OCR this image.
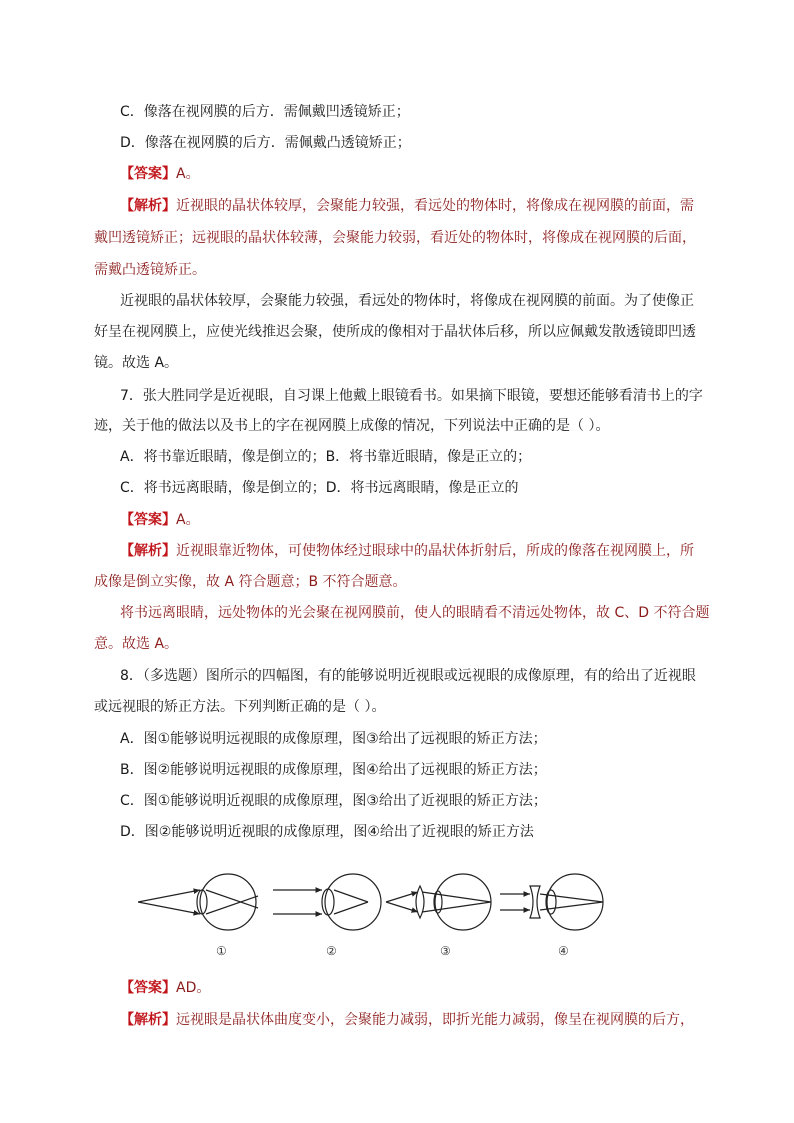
C．像落在视网膜的后方．需佩戴凹透镜矫正；
D．像落在视网膜的后方．需佩戴凸透镜矫正；
【答案】A。
【解析】近视眼的晶状体较厚，会聚能力较强，看远处的物体时，将像成在视网膜的前面，需
戴凹透镜矫正；远视眼的晶状体较薄，会聚能力较弱，看近处的物体时，将像成在视网膜的后面，
需戴凸透镜矫正。
近视眼的晶状体较厚，会聚能力较强，看远处的物体时，将像成在视网膜的前面。为了使像正
好呈在视网膜上，应使光线推迟会聚，使所成的像相对于晶状体后移，所以应佩戴发散透镜即凹透
镜。故选 A。
7．张大胜同学是近视眼，自习课上他戴上眼镜看书。如果摘下眼镜，要想还能够看清书上的字
迹，关于他的做法以及书上的字在视网膜上成像的情况，下列说法中正确的是（ ）。
A．将书靠近眼睛，像是倒立的；B．将书靠近眼睛，像是正立的；
C．将书远离眼睛，像是倒立的；D．将书远离眼睛，像是正立的
【答案】A。
【解析】近视眼靠近物体，可使物体经过眼球中的晶状体折射后，所成的像落在视网膜上，所
成像是倒立实像，故 A 符合题意；B 不符合题意。
将书远离眼睛，远处物体的光会聚在视网膜前，使人的眼睛看不清远处物体，故 C、D 不符合题
意。故选 A。
8．（多选题）图所示的四幅图，有的能够说明近视眼或远视眼的成像原理，有的给出了近视眼
或远视眼的矫正方法。下列判断正确的是（ ）。
A．图①能够说明远视眼的成像原理，图③给出了远视眼的矫正方法；
B．图②能够说明远视眼的成像原理，图④给出了远视眼的矫正方法；
C．图①能够说明近视眼的成像原理，图③给出了近视眼的矫正方法；
D．图②能够说明近视眼的成像原理，图④给出了近视眼的矫正方法
①	②	③	④
【答案】AD。
【解析】远视眼是晶状体曲度变小，会聚能力减弱，即折光能力减弱，像呈在视网膜的后方，
